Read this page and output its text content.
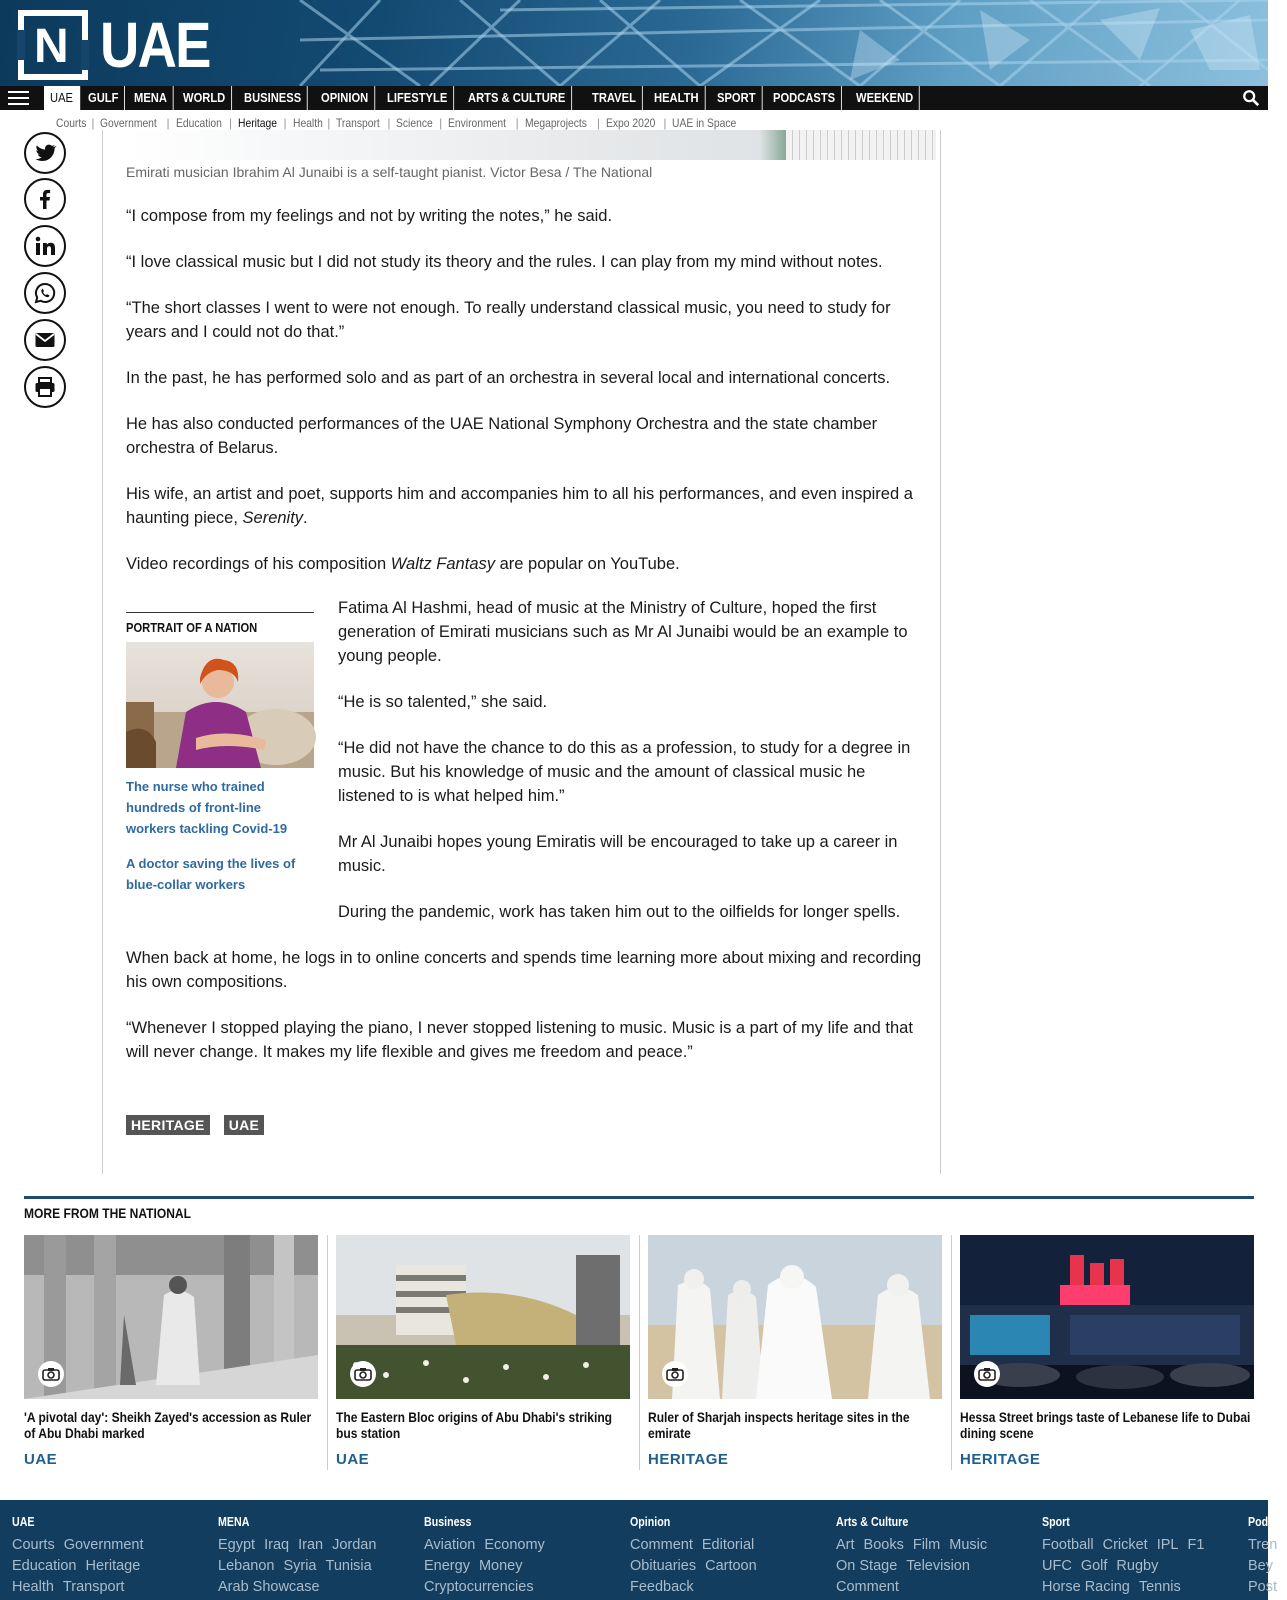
N UAE
UAE	GULF	MENA	WORLD	BUSINESS	OPINION	LIFESTYLE	ARTS & CULTURE	TRAVEL	HEALTH	SPORT	PODCASTS	WEEKEND
Courts | Government | Education | Heritage | Health | Transport | Science | Environment | Megaprojects | Expo 2020 | UAE in Space
Emirati musician Ibrahim Al Junaibi is a self-taught pianist. Victor Besa / The National

“I compose from my feelings and not by writing the notes,” he said.

“I love classical music but I did not study its theory and the rules. I can play from my mind without notes.

“The short classes I went to were not enough. To really understand classical music, you need to study for years and I could not do that.”

In the past, he has performed solo and as part of an orchestra in several local and international concerts.

He has also conducted performances of the UAE National Symphony Orchestra and the state chamber orchestra of Belarus.

His wife, an artist and poet, supports him and accompanies him to all his performances, and even inspired a haunting piece, Serenity.

Video recordings of his composition Waltz Fantasy are popular on YouTube.

PORTRAIT OF A NATION
The nurse who trained hundreds of front-line workers tackling Covid-19
A doctor saving the lives of blue-collar workers

Fatima Al Hashmi, head of music at the Ministry of Culture, hoped the first generation of Emirati musicians such as Mr Al Junaibi would be an example to young people.

“He is so talented,” she said.

“He did not have the chance to do this as a profession, to study for a degree in music. But his knowledge of music and the amount of classical music he listened to is what helped him.”

Mr Al Junaibi hopes young Emiratis will be encouraged to take up a career in music.

During the pandemic, work has taken him out to the oilfields for longer spells.

When back at home, he logs in to online concerts and spends time learning more about mixing and recording his own compositions.

“Whenever I stopped playing the piano, I never stopped listening to music. Music is a part of my life and that will never change. It makes my life flexible and gives me freedom and peace.”

HERITAGE	UAE
MORE FROM THE NATIONAL
'A pivotal day': Sheikh Zayed's accession as Ruler of Abu Dhabi marked
UAE
The Eastern Bloc origins of Abu Dhabi's striking bus station
UAE
Ruler of Sharjah inspects heritage sites in the emirate
HERITAGE
Hessa Street brings taste of Lebanese life to Dubai dining scene
HERITAGE
UAE
Courts Government
Education Heritage
Health Transport
MENA
Egypt Iraq Iran Jordan
Lebanon Syria Tunisia
Arab Showcase
Business
Aviation Economy
Energy Money
Cryptocurrencies
Opinion
Comment Editorial
Obituaries Cartoon
Feedback
Arts & Culture
Art Books Film Music
On Stage Television
Comment
Sport
Football Cricket IPL F1
UFC Golf Rugby
Horse Racing Tennis
Podca
Tren
Bey
Post
